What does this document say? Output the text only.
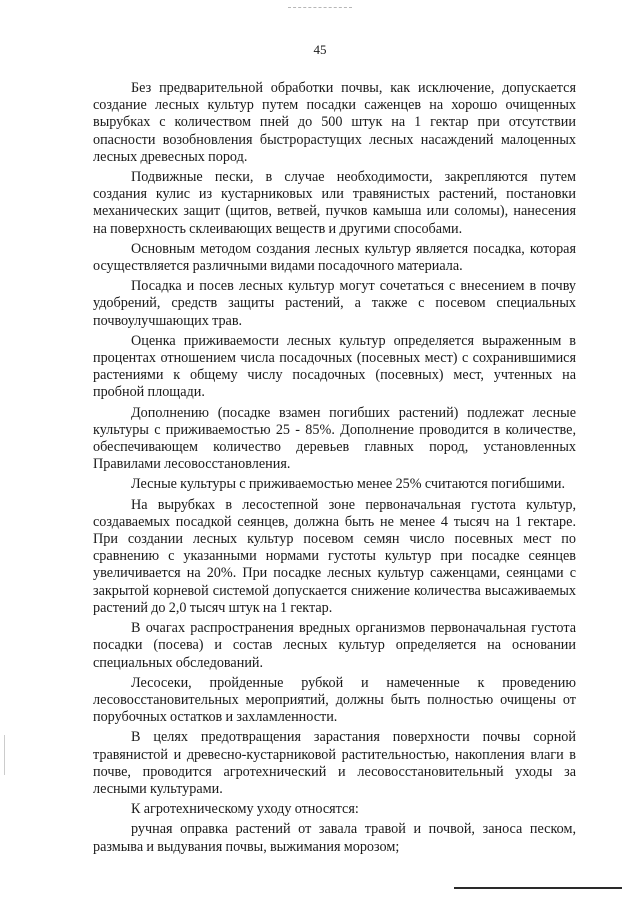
45

Без предварительной обработки почвы, как исключение, допускается создание лесных культур путем посадки саженцев на хорошо очищенных вырубках с количеством пней до 500 штук на 1 гектар при отсутствии опасности возобновления быстрорастущих лесных насаждений малоценных лесных древесных пород.

Подвижные пески, в случае необходимости, закрепляются путем создания кулис из кустарниковых или травянистых растений, постановки механических защит (щитов, ветвей, пучков камыша или соломы), нанесения на поверхность склеивающих веществ и другими способами.

Основным методом создания лесных культур является посадка, которая осуществляется различными видами посадочного материала.

Посадка и посев лесных культур могут сочетаться с внесением в почву удобрений, средств защиты растений, а также с посевом специальных почвоулучшающих трав.

Оценка приживаемости лесных культур определяется выраженным в процентах отношением числа посадочных (посевных мест) с сохранившимися растениями к общему числу посадочных (посевных) мест, учтенных на пробной площади.

Дополнению (посадке взамен погибших растений) подлежат лесные культуры с приживаемостью 25 - 85%. Дополнение проводится в количестве, обеспечивающем количество деревьев главных пород, установленных Правилами лесовосстановления.

Лесные культуры с приживаемостью менее 25% считаются погибшими.

На вырубках в лесостепной зоне первоначальная густота культур, создаваемых посадкой сеянцев, должна быть не менее 4 тысяч на 1 гектаре. При создании лесных культур посевом семян число посевных мест по сравнению с указанными нормами густоты культур при посадке сеянцев увеличивается на 20%. При посадке лесных культур саженцами, сеянцами с закрытой корневой системой допускается снижение количества высаживаемых растений до 2,0 тысяч штук на 1 гектар.

В очагах распространения вредных организмов первоначальная густота посадки (посева) и состав лесных культур определяется на основании специальных обследований.

Лесосеки, пройденные рубкой и намеченные к проведению лесовосстановительных мероприятий, должны быть полностью очищены от порубочных остатков и захламленности.

В целях предотвращения зарастания поверхности почвы сорной травянистой и древесно-кустарниковой растительностью, накопления влаги в почве, проводится агротехнический и лесовосстановительный уходы за лесными культурами.

К агротехническому уходу относятся:

ручная оправка растений от завала травой и почвой, заноса песком, размыва и выдувания почвы, выжимания морозом;
